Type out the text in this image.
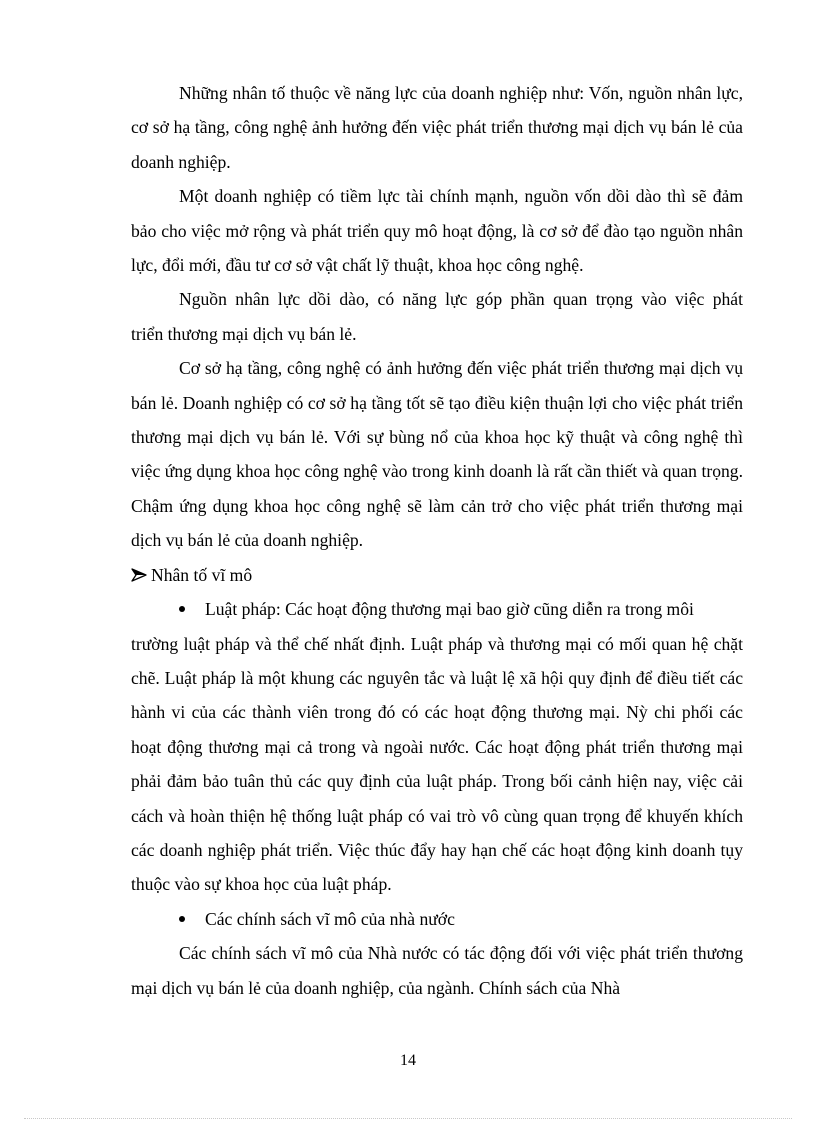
Những nhân tố thuộc về năng lực của doanh nghiệp như: Vốn, nguồn nhân lực, cơ sở hạ tầng, công nghệ ảnh hưởng đến việc phát triển thương mại dịch vụ bán lẻ của doanh nghiệp.

Một doanh nghiệp có tiềm lực tài chính mạnh, nguồn vốn dồi dào thì sẽ đảm bảo cho việc mở rộng và phát triển quy mô hoạt động, là cơ sở để đào tạo nguồn nhân lực, đổi mới, đầu tư cơ sở vật chất lỹ thuật, khoa học công nghệ.

Nguồn nhân lực dồi dào, có năng lực góp phần quan trọng vào việc phát

triển thương mại dịch vụ bán lẻ.

Cơ sở hạ tầng, công nghệ có ảnh hưởng đến việc phát triển thương mại dịch vụ bán lẻ. Doanh nghiệp có cơ sở hạ tầng tốt sẽ tạo điều kiện thuận lợi cho việc phát triển thương mại dịch vụ bán lẻ. Với sự bùng nổ của khoa học kỹ thuật và công nghệ thì việc ứng dụng khoa học công nghệ vào trong kinh doanh là rất cần thiết và quan trọng. Chậm ứng dụng khoa học công nghệ sẽ làm cản trở cho việc phát triển thương mại dịch vụ bán lẻ của doanh nghiệp.

Nhân tố vĩ mô
Luật pháp: Các hoạt động thương mại bao giờ cũng diễn ra trong môi

trường luật pháp và thể chế nhất định. Luật pháp và thương mại có mối quan hệ chặt chẽ. Luật pháp là một khung các nguyên tắc và luật lệ xã hội quy định để điều tiết các hành vi của các thành viên trong đó có các hoạt động thương mại. Nỳ chi phối các hoạt động thương mại cả trong và ngoài nước. Các hoạt động phát triển thương mại phải đảm bảo tuân thủ các quy định của luật pháp. Trong bối cảnh hiện nay, việc cải cách và hoàn thiện hệ thống luật pháp có vai trò vô cùng quan trọng để khuyến khích các doanh nghiệp phát triển. Việc thúc đẩy hay hạn chế các hoạt động kinh doanh tụy thuộc vào sự khoa học của luật pháp.

Các chính sách vĩ mô của nhà nước

Các chính sách vĩ mô của Nhà nước có tác động đối với việc phát triển thương mại dịch vụ bán lẻ của doanh nghiệp, của ngành. Chính sách của Nhà

14
